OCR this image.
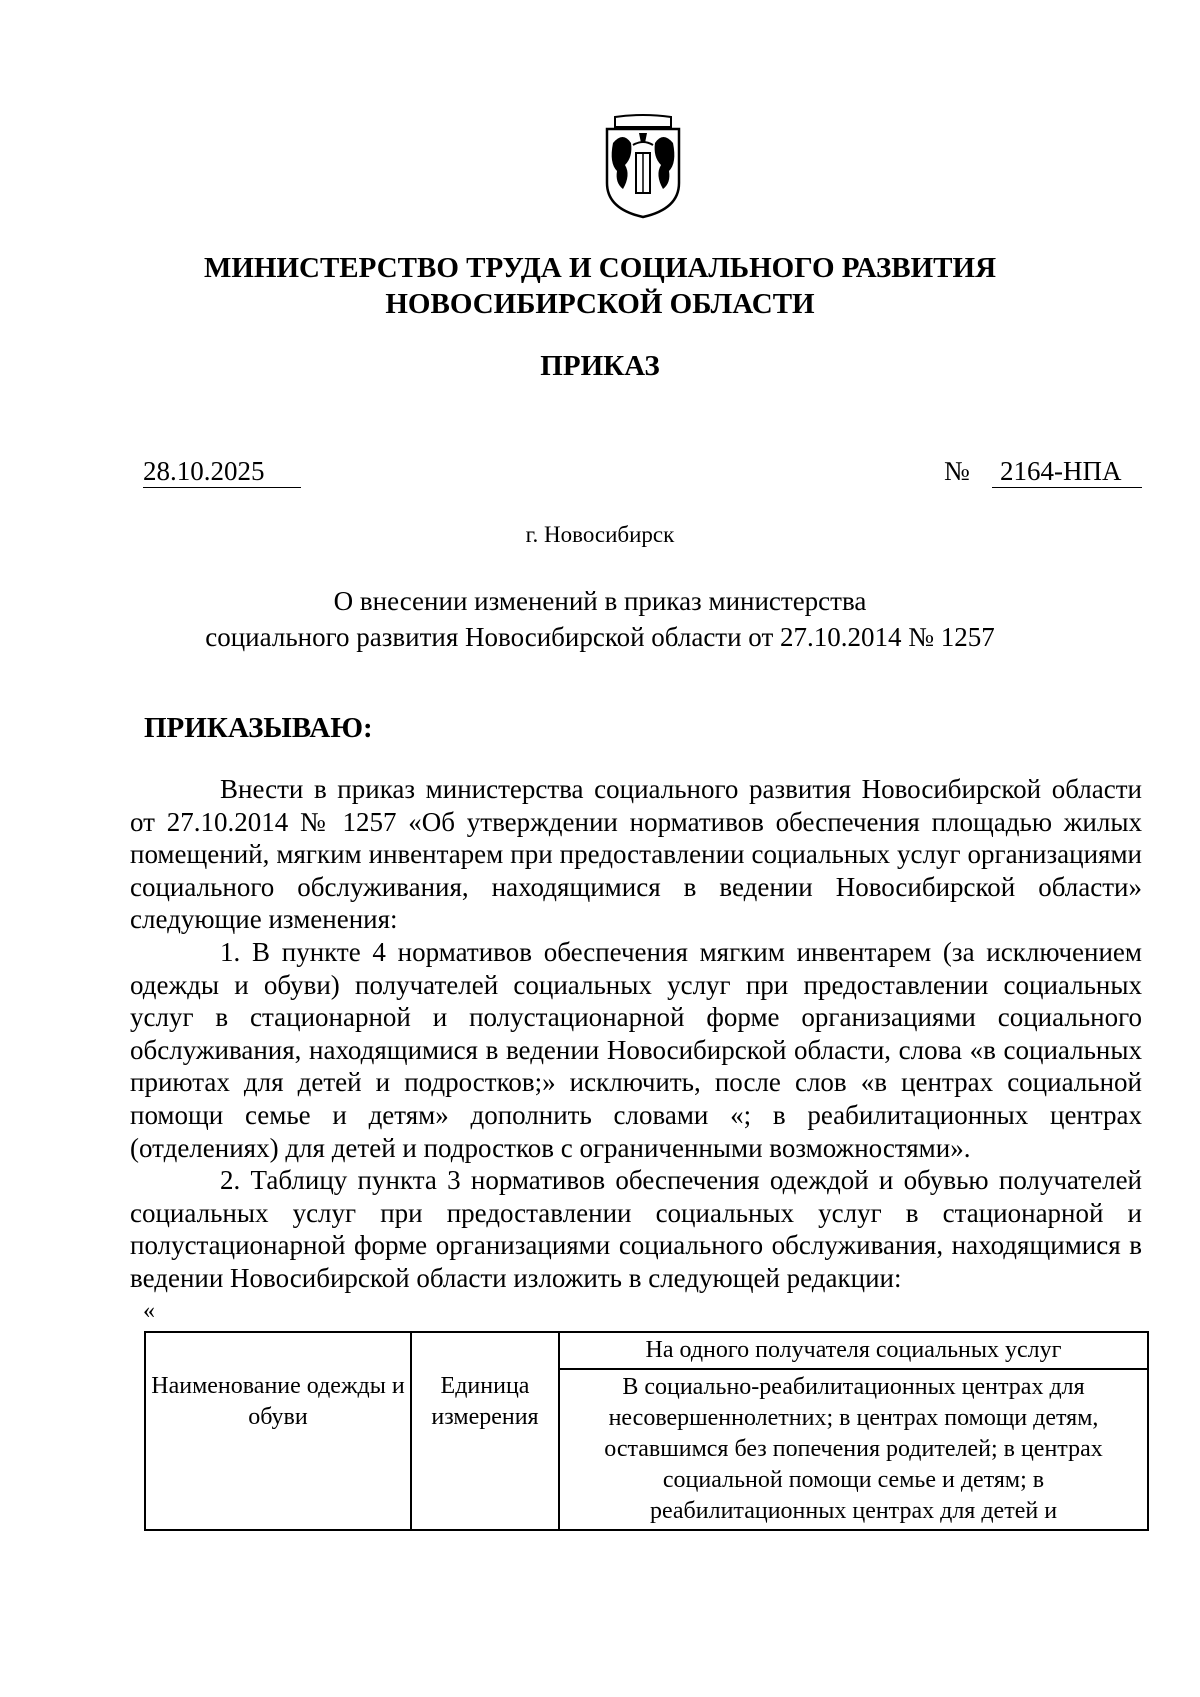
МИНИСТЕРСТВО ТРУДА И СОЦИАЛЬНОГО РАЗВИТИЯ
НОВОСИБИРСКОЙ ОБЛАСТИ
ПРИКАЗ
28.10.2025	№ 2164-НПА
г. Новосибирск
О внесении изменений в приказ министерства
социального развития Новосибирской области от 27.10.2014 № 1257
ПРИКАЗЫВАЮ:

Внести в приказ министерства социального развития Новосибирской области от 27.10.2014 № 1257 «Об утверждении нормативов обеспечения площадью жилых помещений, мягким инвентарем при предоставлении социальных услуг организациями социального обслуживания, находящимися в ведении Новосибирской области» следующие изменения:

1. В пункте 4 нормативов обеспечения мягким инвентарем (за исключением одежды и обуви) получателей социальных услуг при предоставлении социальных услуг в стационарной и полустационарной форме организациями социального обслуживания, находящимися в ведении Новосибирской области, слова «в социальных приютах для детей и подростков;» исключить, после слов «в центрах социальной помощи семье и детям» дополнить словами «; в реабилитационных центрах (отделениях) для детей и подростков с ограниченными возможностями».

2. Таблицу пункта 3 нормативов обеспечения одеждой и обувью получателей социальных услуг при предоставлении социальных услуг в стационарной и полустационарной форме организациями социального обслуживания, находящимися в ведении Новосибирской области изложить в следующей редакции:

«
Наименование одежды и обуви	Единица измерения	На одного получателя социальных услуг
В социально-реабилитационных центрах для несовершеннолетних; в центрах помощи детям, оставшимся без попечения родителей; в центрах социальной помощи семье и детям; в реабилитационных центрах для детей и
